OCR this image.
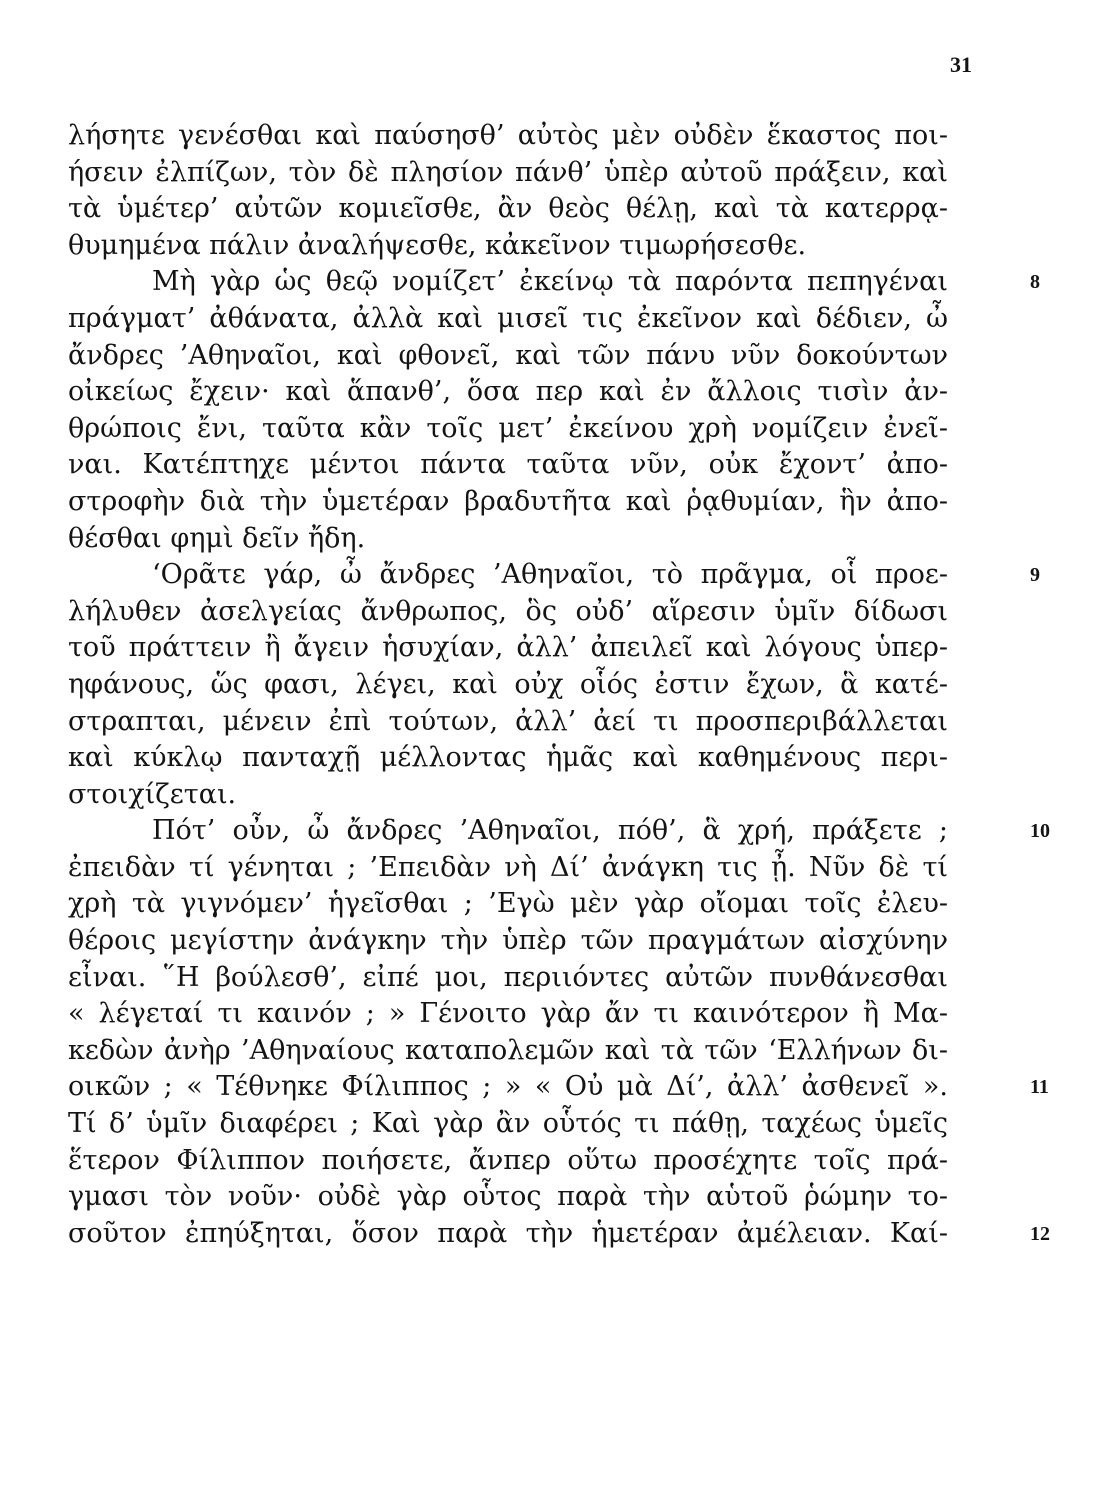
31
λήσητε γενέσθαι καὶ παύσησθ’ αὐτὸς μὲν οὐδὲν ἕκαστος ποι-
ήσειν ἐλπίζων, τὸν δὲ πλησίον πάνθ’ ὑπὲρ αὐτοῦ πράξειν, καὶ
τὰ ὑμέτερ’ αὐτῶν κομιεῖσθε, ἂν θεὸς θέλῃ, καὶ τὰ κατερρᾳ-
θυμημένα πάλιν ἀναλήψεσθε, κἀκεῖνον τιμωρήσεσθε.
Μὴ γὰρ ὡς θεῷ νομίζετ’ ἐκείνῳ τὰ παρόντα πεπηγέναι	8
πράγματ’ ἀθάνατα, ἀλλὰ καὶ μισεῖ τις ἐκεῖνον καὶ δέδιεν, ὦ
ἄνδρες ’Αθηναῖοι, καὶ φθονεῖ, καὶ τῶν πάνυ νῦν δοκούντων
οἰκείως ἔχειν· καὶ ἅπανθ’, ὅσα περ καὶ ἐν ἄλλοις τισὶν ἀν-
θρώποις ἔνι, ταῦτα κἂν τοῖς μετ’ ἐκείνου χρὴ νομίζειν ἐνεῖ-
ναι. Κατέπτηχε μέντοι πάντα ταῦτα νῦν, οὐκ ἔχοντ’ ἀπο-
στροφὴν διὰ τὴν ὑμετέραν βραδυτῆτα καὶ ῥᾳθυμίαν, ἣν ἀπο-
θέσθαι φημὶ δεῖν ἤδη.
‘Ορᾶτε γάρ, ὦ ἄνδρες ’Αθηναῖοι, τὸ πρᾶγμα, οἷ προε-	9
λήλυθεν ἀσελγείας ἄνθρωπος, ὃς οὐδ’ αἵρεσιν ὑμῖν δίδωσι
τοῦ πράττειν ἢ ἄγειν ἡσυχίαν, ἀλλ’ ἀπειλεῖ καὶ λόγους ὑπερ-
ηφάνους, ὥς φασι, λέγει, καὶ οὐχ οἷός ἐστιν ἔχων, ἃ κατέ-
στραπται, μένειν ἐπὶ τούτων, ἀλλ’ ἀεί τι προσπεριβάλλεται
καὶ κύκλῳ πανταχῇ μέλλοντας ἡμᾶς καὶ καθημένους περι-
στοιχίζεται.
Πότ’ οὖν, ὦ ἄνδρες ’Αθηναῖοι, πόθ’, ἃ χρή, πράξετε ;	10
ἐπειδὰν τί γένηται ; ’Επειδὰν νὴ Δί’ ἀνάγκη τις ᾖ. Νῦν δὲ τί
χρὴ τὰ γιγνόμεν’ ἡγεῖσθαι ; ’Εγὼ μὲν γὰρ οἴομαι τοῖς ἐλευ-
θέροις μεγίστην ἀνάγκην τὴν ὑπὲρ τῶν πραγμάτων αἰσχύνην
εἶναι. ῞Η βούλεσθ’, εἰπέ μοι, περιιόντες αὐτῶν πυνθάνεσθαι
« λέγεταί τι καινόν ; » Γένοιτο γὰρ ἄν τι καινότερον ἢ Μα-
κεδὼν ἀνὴρ ’Αθηναίους καταπολεμῶν καὶ τὰ τῶν ‘Ελλήνων δι-
οικῶν ; « Τέθνηκε Φίλιππος ; » « Οὐ μὰ Δί’, ἀλλ’ ἀσθενεῖ ».	11
Τί δ’ ὑμῖν διαφέρει ; Καὶ γὰρ ἂν οὗτός τι πάθῃ, ταχέως ὑμεῖς
ἕτερον Φίλιππον ποιήσετε, ἄνπερ οὕτω προσέχητε τοῖς πρά-
γμασι τὸν νοῦν· οὐδὲ γὰρ οὗτος παρὰ τὴν αὑτοῦ ῥώμην το-
σοῦτον ἐπηύξηται, ὅσον παρὰ τὴν ἡμετέραν ἀμέλειαν. Καί-	12
